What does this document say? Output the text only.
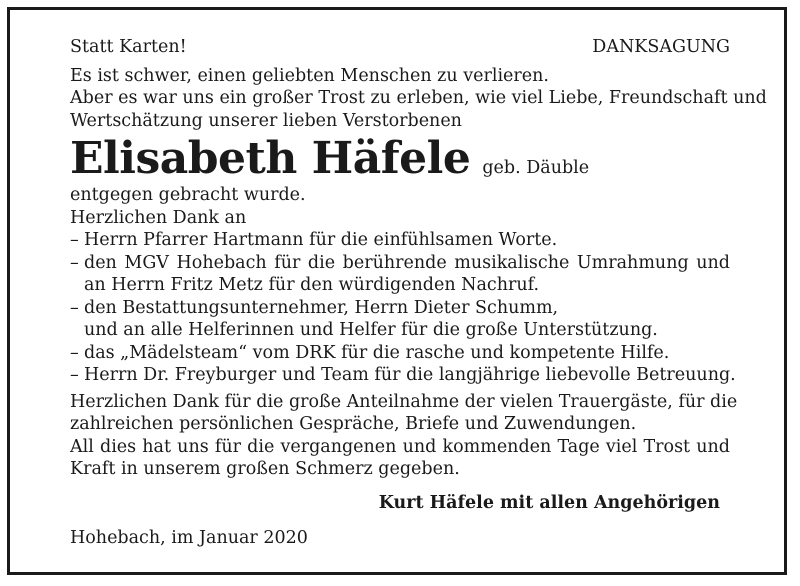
Statt Karten!	DANKSAGUNG
Es ist schwer, einen geliebten Menschen zu verlieren.
Aber es war uns ein großer Trost zu erleben, wie viel Liebe, Freundschaft und
Wertschätzung unserer lieben Verstorbenen
Elisabeth Häfele geb. Däuble
entgegen gebracht wurde.
Herzlichen Dank an
– Herrn Pfarrer Hartmann für die einfühlsamen Worte.
– den MGV Hohebach für die berührende musikalische Umrahmung und
an Herrn Fritz Metz für den würdigenden Nachruf.
– den Bestattungsunternehmer, Herrn Dieter Schumm,
und an alle Helferinnen und Helfer für die große Unterstützung.
– das „Mädelsteam“ vom DRK für die rasche und kompetente Hilfe.
– Herrn Dr. Freyburger und Team für die langjährige liebevolle Betreuung.
Herzlichen Dank für die große Anteilnahme der vielen Trauergäste, für die
zahlreichen persönlichen Gespräche, Briefe und Zuwendungen.
All dies hat uns für die vergangenen und kommenden Tage viel Trost und
Kraft in unserem großen Schmerz gegeben.
Kurt Häfele mit allen Angehörigen
Hohebach, im Januar 2020
